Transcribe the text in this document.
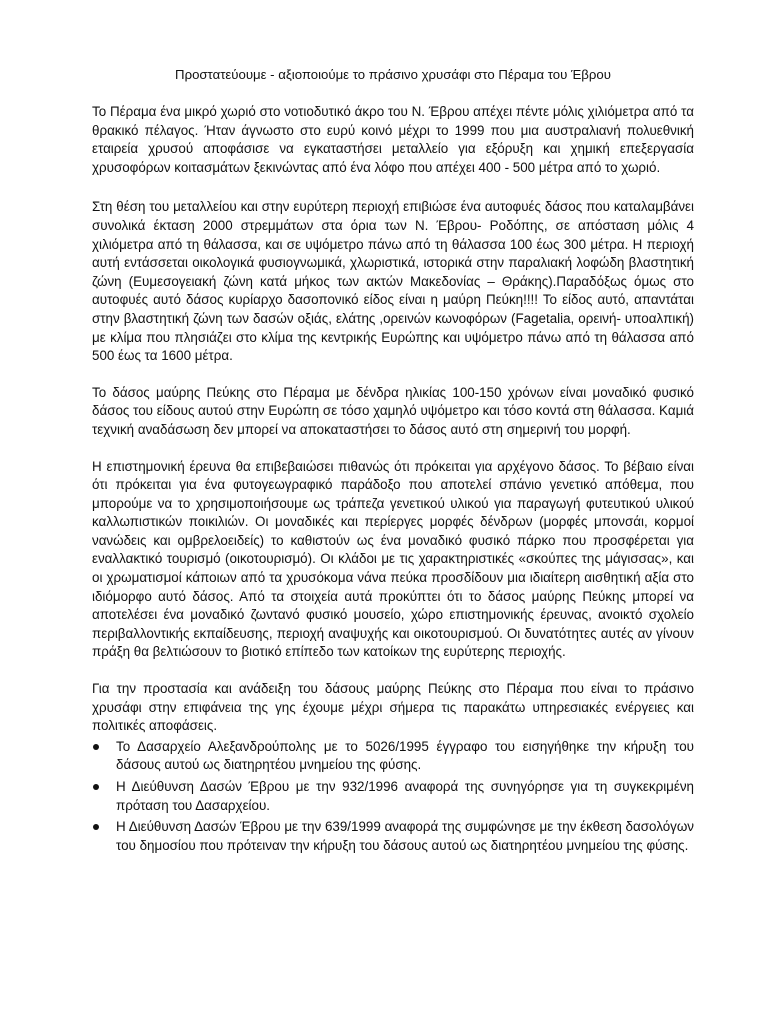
Προστατεύουμε - αξιοποιούμε το πράσινο χρυσάφι στο Πέραμα του Έβρου

Το Πέραμα ένα μικρό χωριό στο νοτιοδυτικό άκρο του Ν. Έβρου απέχει πέντε μόλις χιλιόμετρα από τα θρακικό πέλαγος. Ήταν άγνωστο στο ευρύ κοινό μέχρι το 1999 που μια αυστραλιανή πολυεθνική εταιρεία χρυσού αποφάσισε να εγκαταστήσει μεταλλείο για εξόρυξη και χημική επεξεργασία χρυσοφόρων κοιτασμάτων ξεκινώντας από ένα λόφο που απέχει 400 - 500 μέτρα από το χωριό.

Στη θέση του μεταλλείου και στην ευρύτερη περιοχή επιβιώσε ένα αυτοφυές δάσος που καταλαμβάνει συνολικά έκταση 2000 στρεμμάτων στα όρια των Ν. Έβρου- Ροδόπης, σε απόσταση μόλις 4 χιλιόμετρα από τη θάλασσα, και σε υψόμετρο πάνω από τη θάλασσα 100 έως 300 μέτρα. Η περιοχή αυτή εντάσσεται οικολογικά φυσιογνωμικά, χλωριστικά, ιστορικά στην παραλιακή λοφώδη βλαστητική ζώνη (Ευμεσογειακή ζώνη κατά μήκος των ακτών Μακεδονίας – Θράκης).Παραδόξως όμως στο αυτοφυές αυτό δάσος κυρίαρχο δασοπονικό είδος είναι η μαύρη Πεύκη!!!! Το είδος αυτό, απαντάται στην βλαστητική ζώνη των δασών οξιάς, ελάτης ,ορεινών κωνοφόρων (Fagetalia, ορεινή- υποαλπική) με κλίμα που πλησιάζει στο κλίμα της κεντρικής Ευρώπης και υψόμετρο πάνω από τη θάλασσα από 500 έως τα 1600 μέτρα.

Το δάσος μαύρης Πεύκης στο Πέραμα με δένδρα ηλικίας 100-150 χρόνων είναι μοναδικό φυσικό δάσος του είδους αυτού στην Ευρώπη σε τόσο χαμηλό υψόμετρο και τόσο κοντά στη θάλασσα. Καμιά τεχνική αναδάσωση δεν μπορεί να αποκαταστήσει το δάσος αυτό στη σημερινή του μορφή.

Η επιστημονική έρευνα θα επιβεβαιώσει πιθανώς ότι πρόκειται για αρχέγονο δάσος. Το βέβαιο είναι ότι πρόκειται για ένα φυτογεωγραφικό παράδοξο που αποτελεί σπάνιο γενετικό απόθεμα, που μπορούμε να το χρησιμοποιήσουμε ως τράπεζα γενετικού υλικού για παραγωγή φυτευτικού υλικού καλλωπιστικών ποικιλιών. Οι μοναδικές και περίεργες μορφές δένδρων (μορφές μπονσάι, κορμοί νανώδεις και ομβρελοειδείς) το καθιστούν ως ένα μοναδικό φυσικό πάρκο που προσφέρεται για εναλλακτικό τουρισμό (οικοτουρισμό). Οι κλάδοι με τις χαρακτηριστικές «σκούπες της μάγισσας», και οι χρωματισμοί κάποιων από τα χρυσόκομα νάνα πεύκα προσδίδουν μια ιδιαίτερη αισθητική αξία στο ιδιόμορφο αυτό δάσος. Από τα στοιχεία αυτά προκύπτει ότι το δάσος μαύρης Πεύκης μπορεί να αποτελέσει ένα μοναδικό ζωντανό φυσικό μουσείο, χώρο επιστημονικής έρευνας, ανοικτό σχολείο περιβαλλοντικής εκπαίδευσης, περιοχή αναψυχής και οικοτουρισμού. Οι δυνατότητες αυτές αν γίνουν πράξη θα βελτιώσουν το βιοτικό επίπεδο των κατοίκων της ευρύτερης περιοχής.

Για την προστασία και ανάδειξη του δάσους μαύρης Πεύκης στο Πέραμα που είναι το πράσινο χρυσάφι στην επιφάνεια της γης έχουμε μέχρι σήμερα τις παρακάτω υπηρεσιακές ενέργειες και πολιτικές αποφάσεις.

Το Δασαρχείο Αλεξανδρούπολης με το 5026/1995 έγγραφο του εισηγήθηκε την κήρυξη του δάσους αυτού ως διατηρητέου μνημείου της φύσης.
Η Διεύθυνση Δασών Έβρου με την 932/1996 αναφορά της συνηγόρησε για τη συγκεκριμένη πρόταση του Δασαρχείου.
Η Διεύθυνση Δασών Έβρου με την 639/1999 αναφορά της συμφώνησε με την έκθεση δασολόγων του δημοσίου που πρότειναν την κήρυξη του δάσους αυτού ως διατηρητέου μνημείου της φύσης.
